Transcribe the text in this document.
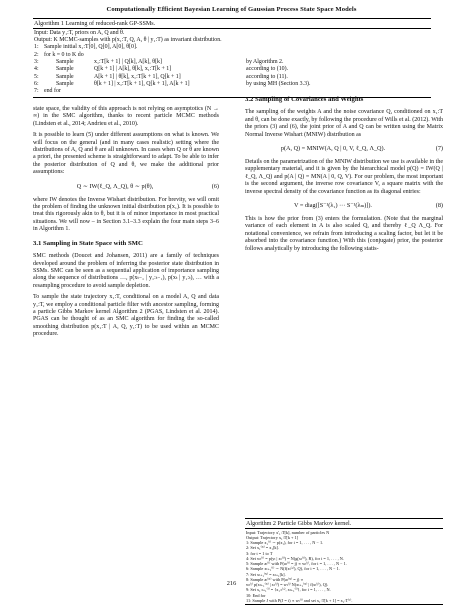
Computationally Efficient Bayesian Learning of Gaussian Process State Space Models
Algorithm 1 Learning of reduced-rank GP-SSMs.
Input: Data y₁:T, priors on A, Q and θ.
Output: K MCMC-samples with p(x₁:T, Q, A, θ | y₁:T) as invariant distribution.
1: Sample initial x₁:T[0], Q[0], A[0], θ[0].
2: for k = 0 to K do
3:	Sample	x₁:T[k + 1] | Q[k], A[k], θ[k]	by Algorithm 2.
4:	Sample	Q[k + 1] | A[k], θ[k], x₁:T[k + 1]	according to (10).
5:	Sample	A[k + 1] | θ[k], x₁:T[k + 1], Q[k + 1]	according to (11).
6:	Sample	θ[k + 1] | x₁:T[k + 1], Q[k + 1], A[k + 1]	by using MH (Section 3.3).
7: end for

state space, the validity of this approach is not relying on asymptotics (N → ∞) in the SMC algorithm, thanks to recent particle MCMC methods (Lindsten et al., 2014; Andrieu et al., 2010).

It is possible to learn (5) under different assumptions on what is known. We will focus on the general (and in many cases realistic) setting where the distributions of A, Q and θ are all unknown. In cases when Q or θ are known a priori, the presented scheme is straightforward to adapt. To be able to infer the posterior distribution of Q and θ, we make the additional prior assumptions:

Q ∼ IW(ℓ_Q, Λ_Q), θ ∼ p(θ),	(6)

where IW denotes the Inverse Wishart distribution. For brevity, we will omit the problem of finding the unknown initial distribution p(x₁). It is possible to treat this rigorously akin to θ, but it is of minor importance in most practical situations. We will now – in Section 3.1–3.3 explain the four main steps 3–6 in Algorithm 1.

3.1 Sampling in State Space with SMC

SMC methods (Doucet and Johansen, 2011) are a family of techniques developed around the problem of inferring the posterior state distribution in SSMs. SMC can be seen as a sequential application of importance sampling along the sequence of distributions …, p(xₜ₋₁ | y₁:ₜ₋₁), p(xₜ | y₁:ₜ), … with a resampling procedure to avoid sample depletion.

To sample the state trajectory x₁:T, conditional on a model A, Q and data y₁:T, we employ a conditional particle filter with ancestor sampling, forming a particle Gibbs Markov kernel Algorithm 2 (PGAS, Lindsten et al. 2014). PGAS can be thought of as an SMC algorithm for finding the so-called smoothing distribution p(x₁:T | A, Q, y₁:T) to be used within an MCMC procedure.

3.2 Sampling of Covariances and Weights

The sampling of the weights A and the noise covariance Q, conditioned on x₁:T and θ, can be done exactly, by following the procedure of Wills et al. (2012). With the priors (3) and (6), the joint prior of A and Q can be written using the Matrix Normal Inverse Wishart (MNIW) distribution as

p(A, Q) = MNIW(A, Q | 0, V, ℓ_Q, Λ_Q).	(7)

Details on the parametrization of the MNIW distribution we use is available in the supplementary material, and it is given by the hierarchical model p(Q) = IW(Q | ℓ_Q, Λ_Q) and p(A | Q) = MN(A | 0, Q, V). For our problem, the most important is the second argument, the inverse row covariance V, a square matrix with the inverse spectral density of the covariance function as its diagonal entries:

V = diag([S⁻¹(λ₁) ··· S⁻¹(λₘ)]).	(8)

This is how the prior from (3) enters the formulation. (Note that the marginal variance of each element in A is also scaled Q, and thereby ℓ_Q Λ_Q. For notational convenience, we refrain from introducing a scaling factor, but let it be absorbed into the covariance function.) With this (conjugate) prior, the posterior follows analytically by introducing the following statis-

Algorithm 2 Particle Gibbs Markov kernel.
Input: Trajectory x′₁:T[k], number of particles N
Output: Trajectory x₁:T[k + 1]
1: Sample x₁⁽ⁱ⁾ ∼ p(x₁), for i = 1, . . . , N − 1.
2: Set x₁⁽ᴺ⁾ = x₁[k].
3: for t = 1 to T
4: Set wₜ⁽ⁱ⁾ = p(yₜ | xₜ⁽ⁱ⁾) = N(g(xₜ⁽ⁱ⁾), R), for i = 1, . . . , N.
5: Sample aₜ⁽ⁱ⁾ with P(aₜ⁽ⁱ⁾ = j) ∝ wₜ⁽ʲ⁾, for i = 1, . . . , N − 1.
6: Sample xₜ₊₁⁽ⁱ⁾ ∼ N(f(xₜ⁽ᵃ⁾), Q), for i = 1, . . . , N − 1.
7: Set xₜ₊₁⁽ᴺ⁾ = xₜ₊₁[k].
8: Sample aₜ⁽ᴺ⁾ with P(aₜ⁽ᴺ⁾ = j) ∝
wₜ⁽ʲ⁾ p(xₜ₊₁⁽ᴺ⁾ | xₜ⁽ʲ⁾) = wₜ⁽ʲ⁾ N(xₜ₊₁⁽ᴺ⁾ | f(xₜ⁽ʲ⁾), Q).
9: Set x₁:ₜ₊₁⁽ⁱ⁾ = {x₁:ₜ⁽ᵃ⁾, xₜ₊₁⁽ⁱ⁾}, for i = 1, . . . , N.
10: End for
11: Sample J with P(J = i) ∝ wₜ⁽ⁱ⁾ and set x₁:T[k + 1] = x₁:T⁽ᴶ⁾.
216
